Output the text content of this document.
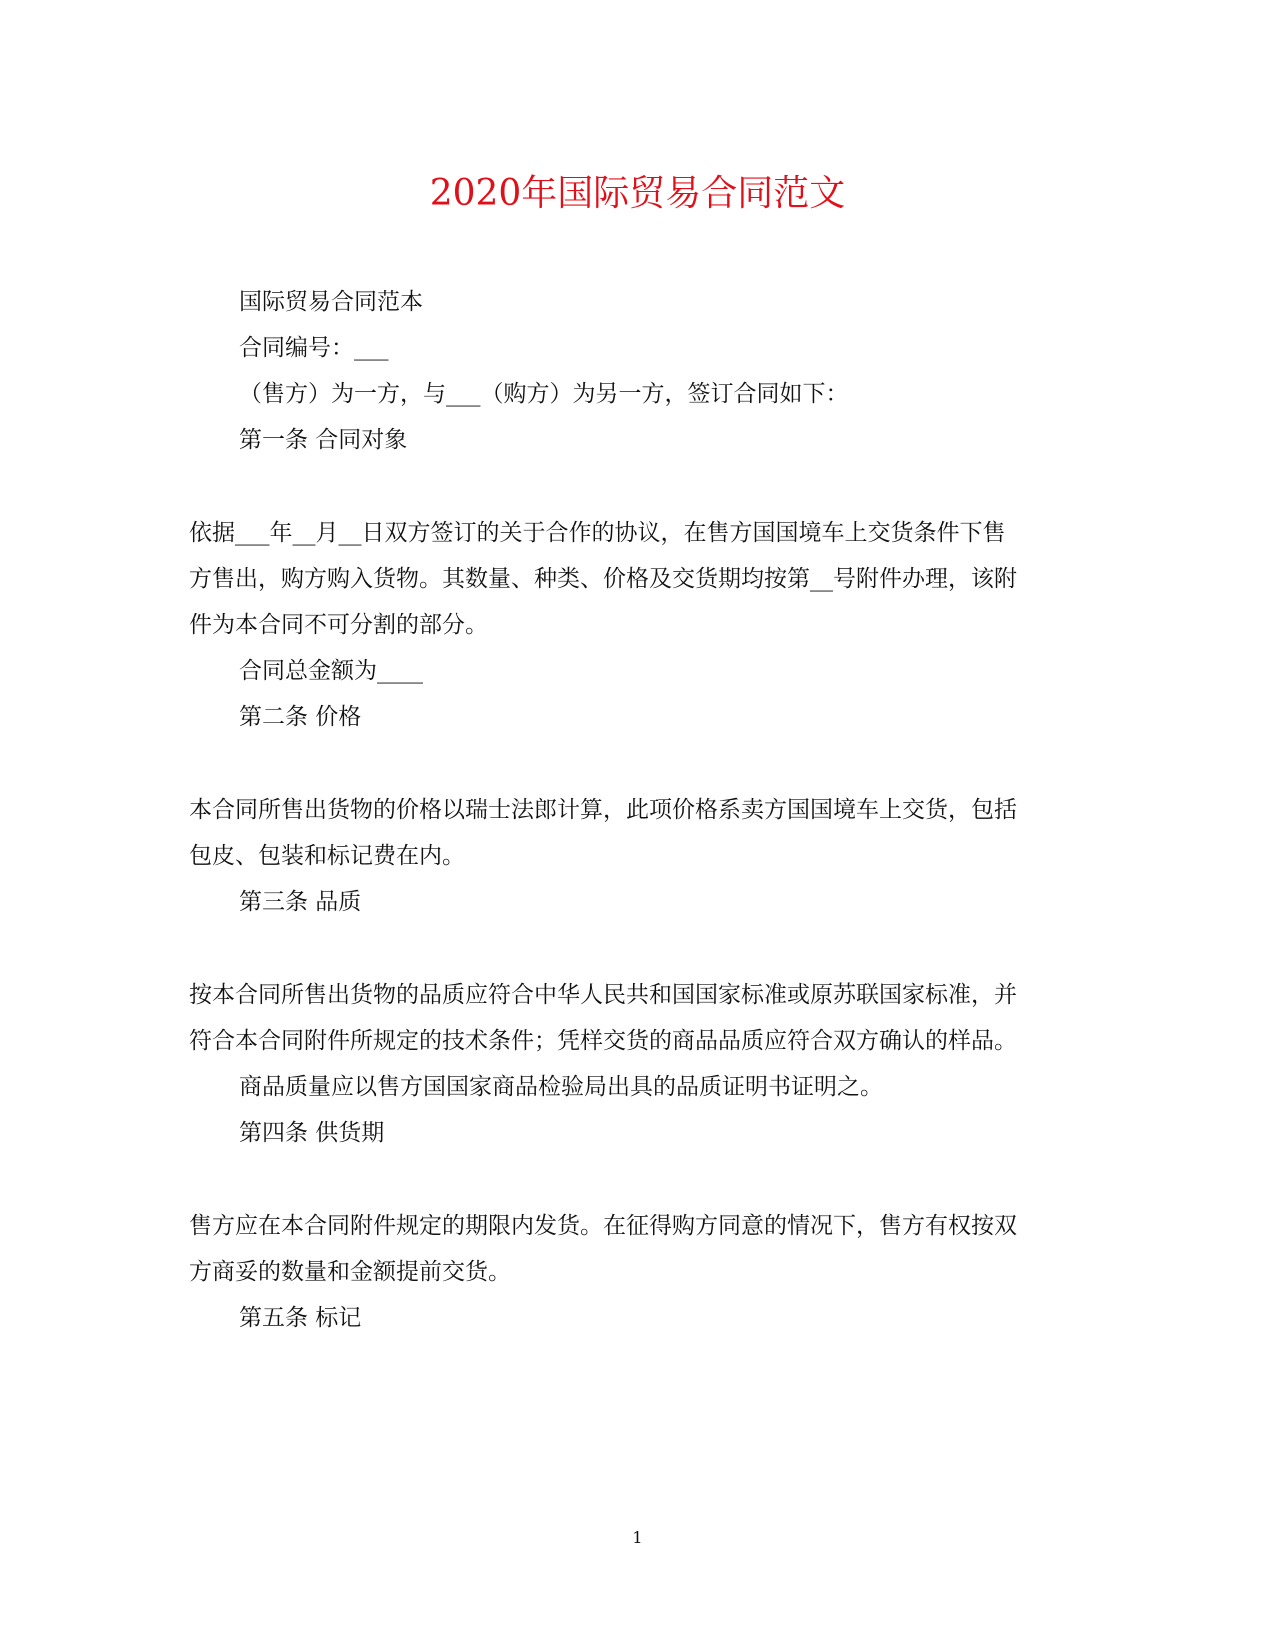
2020年国际贸易合同范文
国际贸易合同范本
合同编号：___
（售方）为一方，与___（购方）为另一方，签订合同如下：
第一条 合同对象
依据___年__月__日双方签订的关于合作的协议，在售方国国境车上交货条件下售
方售出，购方购入货物。其数量、种类、价格及交货期均按第__号附件办理，该附
件为本合同不可分割的部分。
合同总金额为____
第二条 价格
本合同所售出货物的价格以瑞士法郎计算，此项价格系卖方国国境车上交货，包括
包皮、包装和标记费在内。
第三条 品质
按本合同所售出货物的品质应符合中华人民共和国国家标准或原苏联国家标准，并
符合本合同附件所规定的技术条件；凭样交货的商品品质应符合双方确认的样品。
商品质量应以售方国国家商品检验局出具的品质证明书证明之。
第四条 供货期
售方应在本合同附件规定的期限内发货。在征得购方同意的情况下，售方有权按双
方商妥的数量和金额提前交货。
第五条 标记
1
